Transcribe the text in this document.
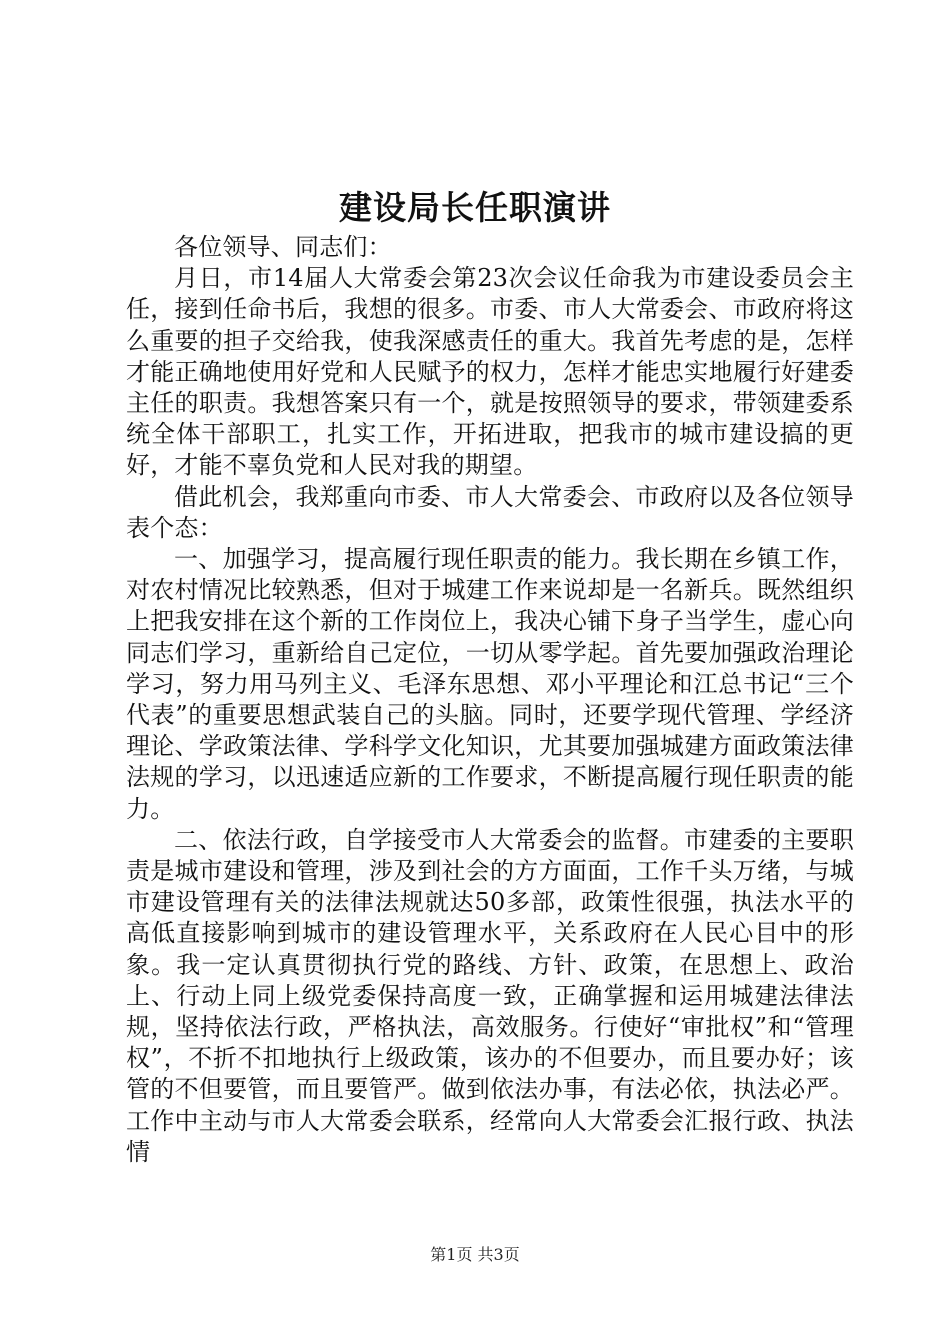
建设局长任职演讲

各位领导、同志们：

月日，市14届人大常委会第23次会议任命我为市建设委员会主任，接到任命书后，我想的很多。市委、市人大常委会、市政府将这么重要的担子交给我，使我深感责任的重大。我首先考虑的是，怎样才能正确地使用好党和人民赋予的权力，怎样才能忠实地履行好建委主任的职责。我想答案只有一个，就是按照领导的要求，带领建委系统全体干部职工，扎实工作，开拓进取，把我市的城市建设搞的更好，才能不辜负党和人民对我的期望。

借此机会，我郑重向市委、市人大常委会、市政府以及各位领导表个态：

一、加强学习，提高履行现任职责的能力。我长期在乡镇工作，对农村情况比较熟悉，但对于城建工作来说却是一名新兵。既然组织上把我安排在这个新的工作岗位上，我决心铺下身子当学生，虚心向同志们学习，重新给自己定位，一切从零学起。首先要加强政治理论学习，努力用马列主义、毛泽东思想、邓小平理论和江总书记“三个代表”的重要思想武装自己的头脑。同时，还要学现代管理、学经济理论、学政策法律、学科学文化知识，尤其要加强城建方面政策法律法规的学习，以迅速适应新的工作要求，不断提高履行现任职责的能力。

二、依法行政，自学接受市人大常委会的监督。市建委的主要职责是城市建设和管理，涉及到社会的方方面面，工作千头万绪，与城市建设管理有关的法律法规就达50多部，政策性很强，执法水平的高低直接影响到城市的建设管理水平，关系政府在人民心目中的形象。我一定认真贯彻执行党的路线、方针、政策，在思想上、政治上、行动上同上级党委保持高度一致，正确掌握和运用城建法律法规，坚持依法行政，严格执法，高效服务。行使好“审批权”和“管理权”，不折不扣地执行上级政策，该办的不但要办，而且要办好；该管的不但要管，而且要管严。做到依法办事，有法必依，执法必严。工作中主动与市人大常委会联系，经常向人大常委会汇报行政、执法情

第1页 共3页
